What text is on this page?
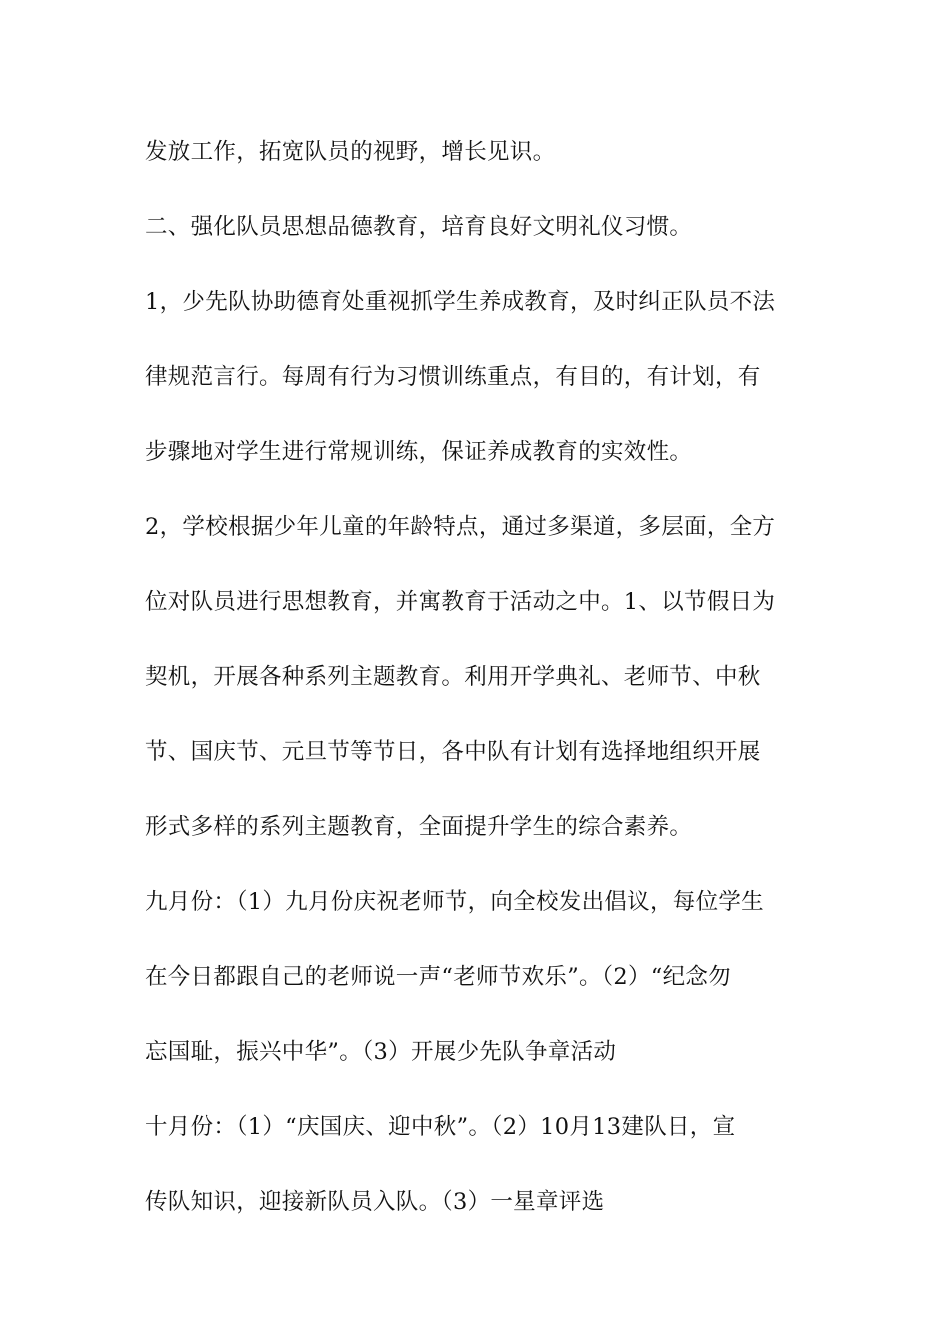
发放工作，拓宽队员的视野，增长见识。
二、强化队员思想品德教育，培育良好文明礼仪习惯。
1，少先队协助德育处重视抓学生养成教育，及时纠正队员不法
律规范言行。每周有行为习惯训练重点，有目的，有计划，有
步骤地对学生进行常规训练，保证养成教育的实效性。
2，学校根据少年儿童的年龄特点，通过多渠道，多层面，全方
位对队员进行思想教育，并寓教育于活动之中。1、以节假日为
契机，开展各种系列主题教育。利用开学典礼、老师节、中秋
节、国庆节、元旦节等节日，各中队有计划有选择地组织开展
形式多样的系列主题教育，全面提升学生的综合素养。
九月份：（1）九月份庆祝老师节，向全校发出倡议，每位学生
在今日都跟自己的老师说一声“老师节欢乐”。（2）“纪念勿
忘国耻，振兴中华”。（3）开展少先队争章活动
十月份：（1）“庆国庆、迎中秋”。（2）10月13建队日，宣
传队知识，迎接新队员入队。（3）一星章评选
